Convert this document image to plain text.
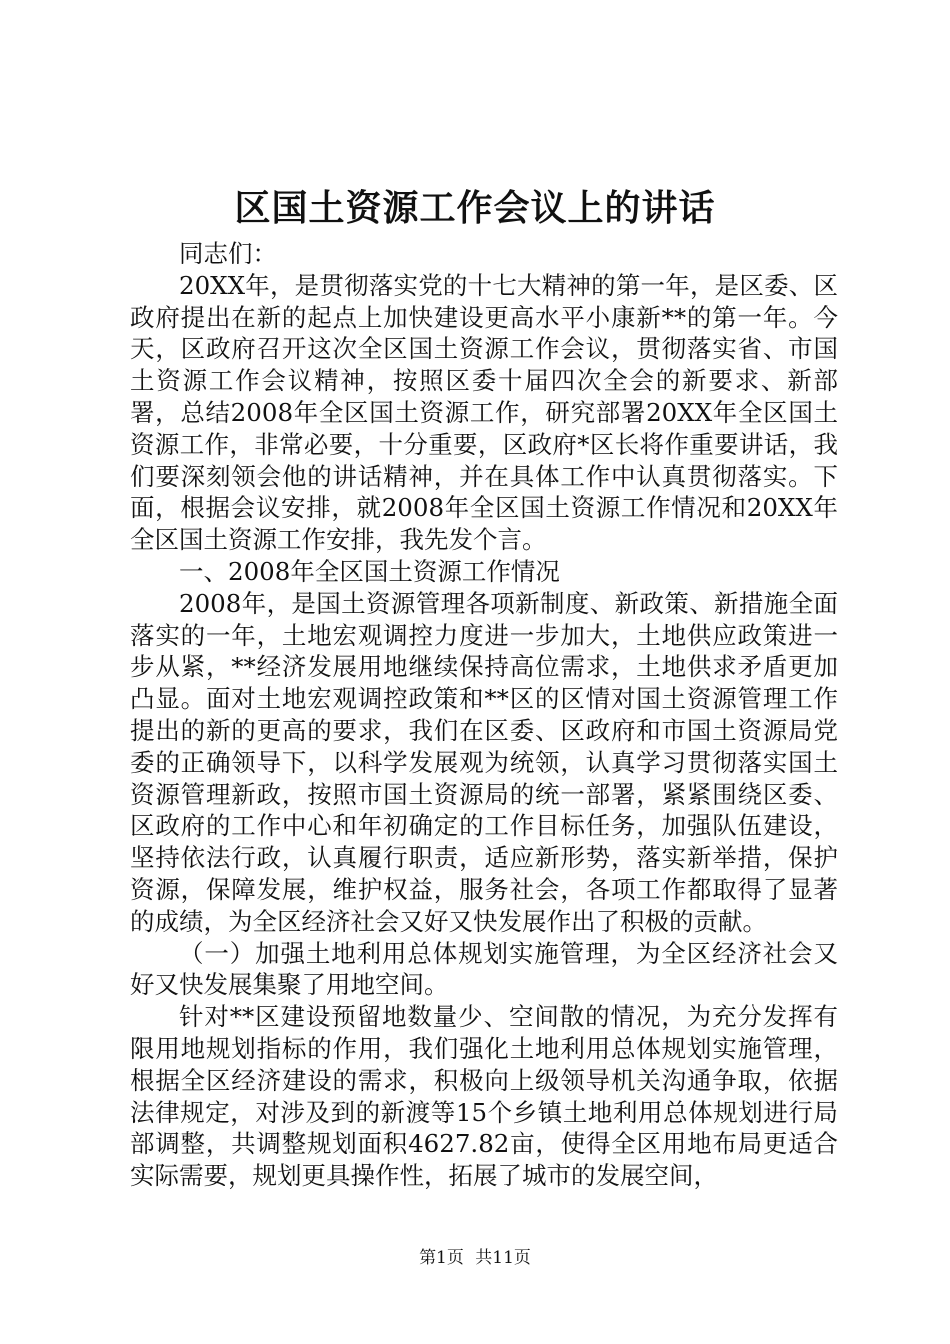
区国土资源工作会议上的讲话

同志们：

20XX年，是贯彻落实党的十七大精神的第一年，是区委、区政府提出在新的起点上加快建设更高水平小康新**的第一年。今天，区政府召开这次全区国土资源工作会议，贯彻落实省、市国土资源工作会议精神，按照区委十届四次全会的新要求、新部署，总结2008年全区国土资源工作，研究部署20XX年全区国土资源工作，非常必要，十分重要，区政府*区长将作重要讲话，我们要深刻领会他的讲话精神，并在具体工作中认真贯彻落实。下面，根据会议安排，就2008年全区国土资源工作情况和20XX年全区国土资源工作安排，我先发个言。

一、2008年全区国土资源工作情况

2008年，是国土资源管理各项新制度、新政策、新措施全面落实的一年，土地宏观调控力度进一步加大，土地供应政策进一步从紧，**经济发展用地继续保持高位需求，土地供求矛盾更加凸显。面对土地宏观调控政策和**区的区情对国土资源管理工作提出的新的更高的要求，我们在区委、区政府和市国土资源局党委的正确领导下，以科学发展观为统领，认真学习贯彻落实国土资源管理新政，按照市国土资源局的统一部署，紧紧围绕区委、区政府的工作中心和年初确定的工作目标任务，加强队伍建设，坚持依法行政，认真履行职责，适应新形势，落实新举措，保护资源，保障发展，维护权益，服务社会，各项工作都取得了显著的成绩，为全区经济社会又好又快发展作出了积极的贡献。

（一）加强土地利用总体规划实施管理，为全区经济社会又好又快发展集聚了用地空间。

针对**区建设预留地数量少、空间散的情况，为充分发挥有限用地规划指标的作用，我们强化土地利用总体规划实施管理，根据全区经济建设的需求，积极向上级领导机关沟通争取，依据法律规定，对涉及到的新渡等15个乡镇土地利用总体规划进行局部调整，共调整规划面积4627.82亩，使得全区用地布局更适合实际需要，规划更具操作性，拓展了城市的发展空间，

第1页 共11页
